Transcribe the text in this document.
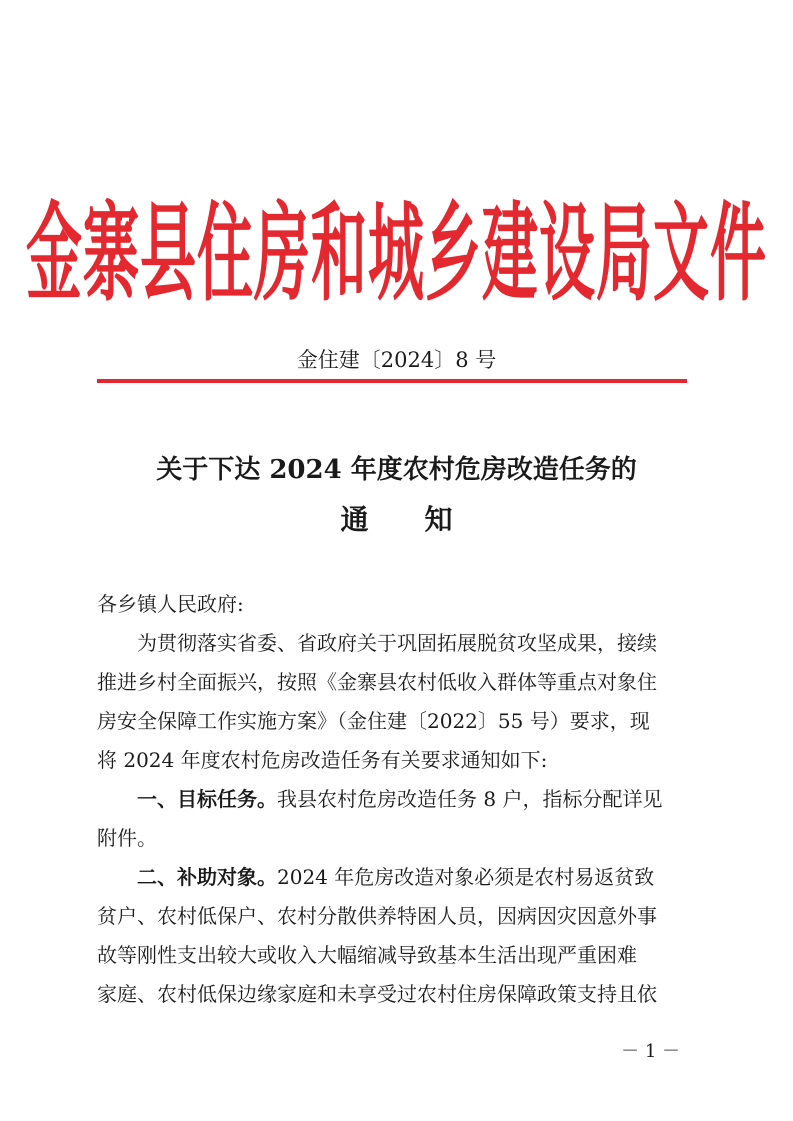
金寨县住房和城乡建设局文件
金住建〔2024〕8 号
关于下达 2024 年度农村危房改造任务的
通 知
各乡镇人民政府:
为贯彻落实省委、省政府关于巩固拓展脱贫攻坚成果，接续
推进乡村全面振兴，按照《金寨县农村低收入群体等重点对象住
房安全保障工作实施方案》（金住建〔2022〕55 号）要求，现
将 2024 年度农村危房改造任务有关要求通知如下:
一、目标任务。我县农村危房改造任务 8 户，指标分配详见
附件。
二、补助对象。2024 年危房改造对象必须是农村易返贫致
贫户、农村低保户、农村分散供养特困人员，因病因灾因意外事
故等刚性支出较大或收入大幅缩减导致基本生活出现严重困难
家庭、农村低保边缘家庭和未享受过农村住房保障政策支持且依
－ 1 －
